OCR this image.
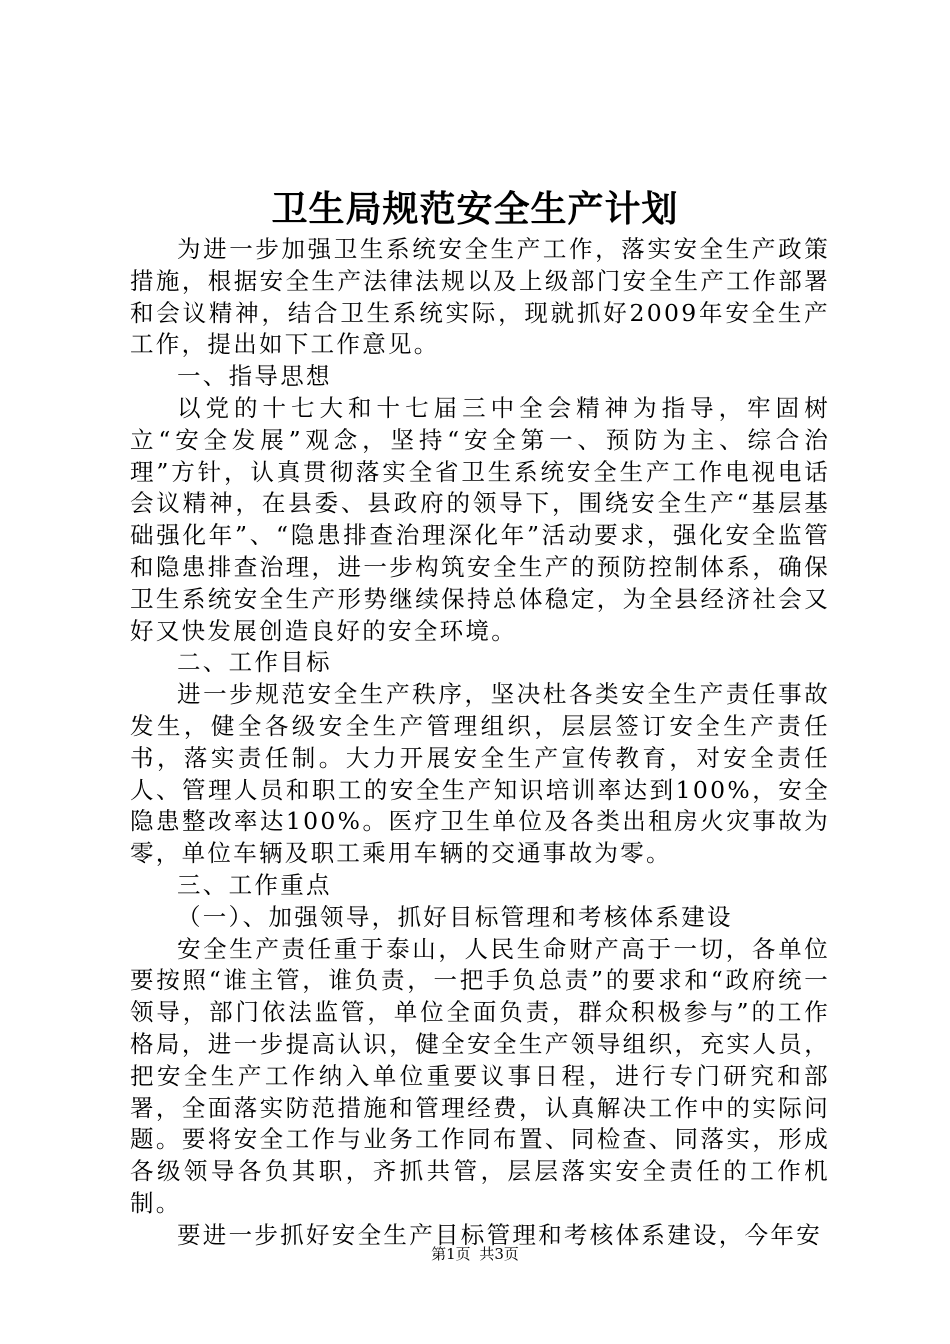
卫生局规范安全生产计划

为进一步加强卫生系统安全生产工作，落实安全生产政策措施，根据安全生产法律法规以及上级部门安全生产工作部署和会议精神，结合卫生系统实际，现就抓好2009年安全生产工作，提出如下工作意见。

一、指导思想

以党的十七大和十七届三中全会精神为指导，牢固树立“安全发展”观念，坚持“安全第一、预防为主、综合治理”方针，认真贯彻落实全省卫生系统安全生产工作电视电话会议精神，在县委、县政府的领导下，围绕安全生产“基层基础强化年”、“隐患排查治理深化年”活动要求，强化安全监管和隐患排查治理，进一步构筑安全生产的预防控制体系，确保卫生系统安全生产形势继续保持总体稳定，为全县经济社会又好又快发展创造良好的安全环境。

二、工作目标

进一步规范安全生产秩序，坚决杜各类安全生产责任事故发生，健全各级安全生产管理组织，层层签订安全生产责任书，落实责任制。大力开展安全生产宣传教育，对安全责任人、管理人员和职工的安全生产知识培训率达到100%，安全隐患整改率达100%。医疗卫生单位及各类出租房火灾事故为零，单位车辆及职工乘用车辆的交通事故为零。

三、工作重点

（一）、加强领导，抓好目标管理和考核体系建设

安全生产责任重于泰山，人民生命财产高于一切，各单位要按照“谁主管，谁负责，一把手负总责”的要求和“政府统一领导，部门依法监管，单位全面负责，群众积极参与”的工作格局，进一步提高认识，健全安全生产领导组织，充实人员，把安全生产工作纳入单位重要议事日程，进行专门研究和部署，全面落实防范措施和管理经费，认真解决工作中的实际问题。要将安全工作与业务工作同布置、同检查、同落实，形成各级领导各负其职，齐抓共管，层层落实安全责任的工作机制。

要进一步抓好安全生产目标管理和考核体系建设，今年安

第1页 共3页
